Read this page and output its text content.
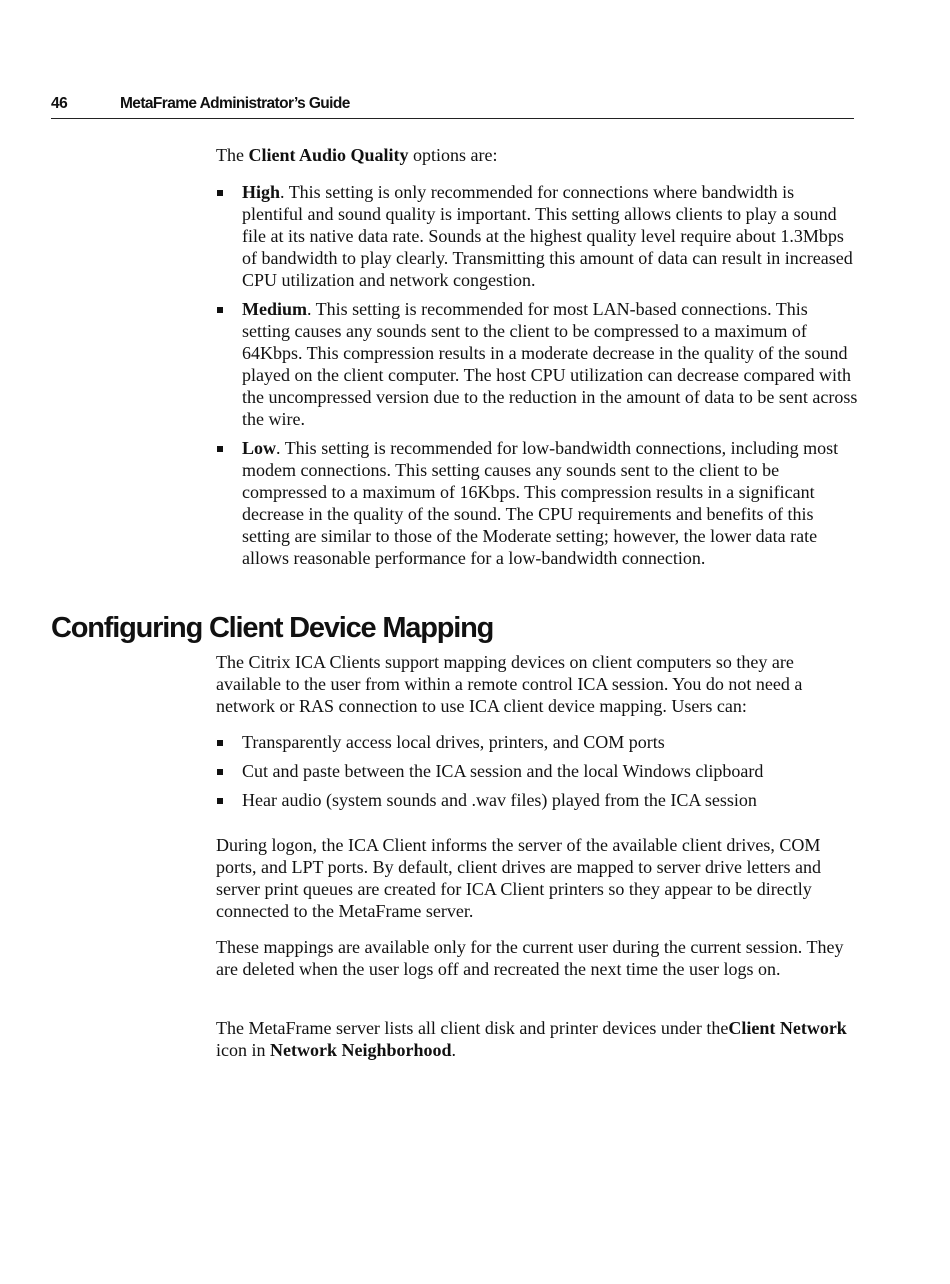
46	MetaFrame Administrator’s Guide

The Client Audio Quality options are:

High. This setting is only recommended for connections where bandwidth is plentiful and sound quality is important. This setting allows clients to play a sound file at its native data rate. Sounds at the highest quality level require about 1.3Mbps of bandwidth to play clearly. Transmitting this amount of data can result in increased CPU utilization and network congestion.
Medium. This setting is recommended for most LAN-based connections. This setting causes any sounds sent to the client to be compressed to a maximum of 64Kbps. This compression results in a moderate decrease in the quality of the sound played on the client computer. The host CPU utilization can decrease compared with the uncompressed version due to the reduction in the amount of data to be sent across the wire.
Low. This setting is recommended for low-bandwidth connections, including most modem connections. This setting causes any sounds sent to the client to be compressed to a maximum of 16Kbps. This compression results in a significant decrease in the quality of the sound. The CPU requirements and benefits of this setting are similar to those of the Moderate setting; however, the lower data rate allows reasonable performance for a low-bandwidth connection.
Configuring Client Device Mapping

The Citrix ICA Clients support mapping devices on client computers so they are available to the user from within a remote control ICA session. You do not need a network or RAS connection to use ICA client device mapping. Users can:

Transparently access local drives, printers, and COM ports
Cut and paste between the ICA session and the local Windows clipboard
Hear audio (system sounds and .wav files) played from the ICA session

During logon, the ICA Client informs the server of the available client drives, COM ports, and LPT ports. By default, client drives are mapped to server drive letters and server print queues are created for ICA Client printers so they appear to be directly connected to the MetaFrame server.

These mappings are available only for the current user during the current session. They are deleted when the user logs off and recreated the next time the user logs on.

The MetaFrame server lists all client disk and printer devices under theClient Network icon in Network Neighborhood.
